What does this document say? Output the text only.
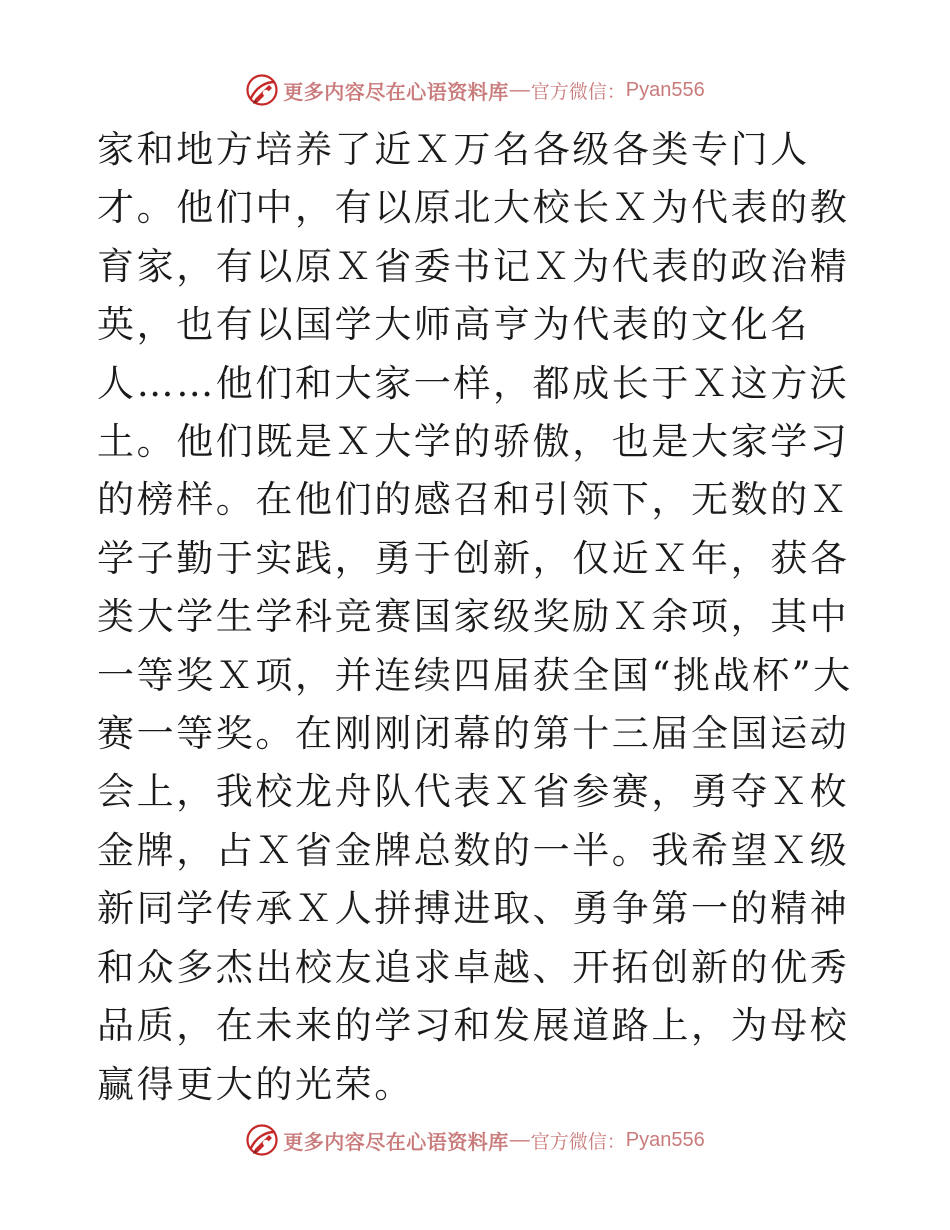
更多内容尽在心语资料库 — 官方微信： Pyan556

家和地方培养了近Ｘ万名各级各类专门人才。他们中，有以原北大校长Ｘ为代表的教育家，有以原Ｘ省委书记Ｘ为代表的政治精英，也有以国学大师高亨为代表的文化名人……他们和大家一样，都成长于Ｘ这方沃土。他们既是Ｘ大学的骄傲，也是大家学习的榜样。在他们的感召和引领下，无数的Ｘ学子勤于实践，勇于创新，仅近Ｘ年，获各类大学生学科竞赛国家级奖励Ｘ余项，其中一等奖Ｘ项，并连续四届获全国“挑战杯”大赛一等奖。在刚刚闭幕的第十三届全国运动会上，我校龙舟队代表Ｘ省参赛，勇夺Ｘ枚金牌，占Ｘ省金牌总数的一半。我希望Ｘ级新同学传承Ｘ人拼搏进取、勇争第一的精神和众多杰出校友追求卓越、开拓创新的优秀品质，在未来的学习和发展道路上，为母校赢得更大的光荣。

更多内容尽在心语资料库 — 官方微信： Pyan556
